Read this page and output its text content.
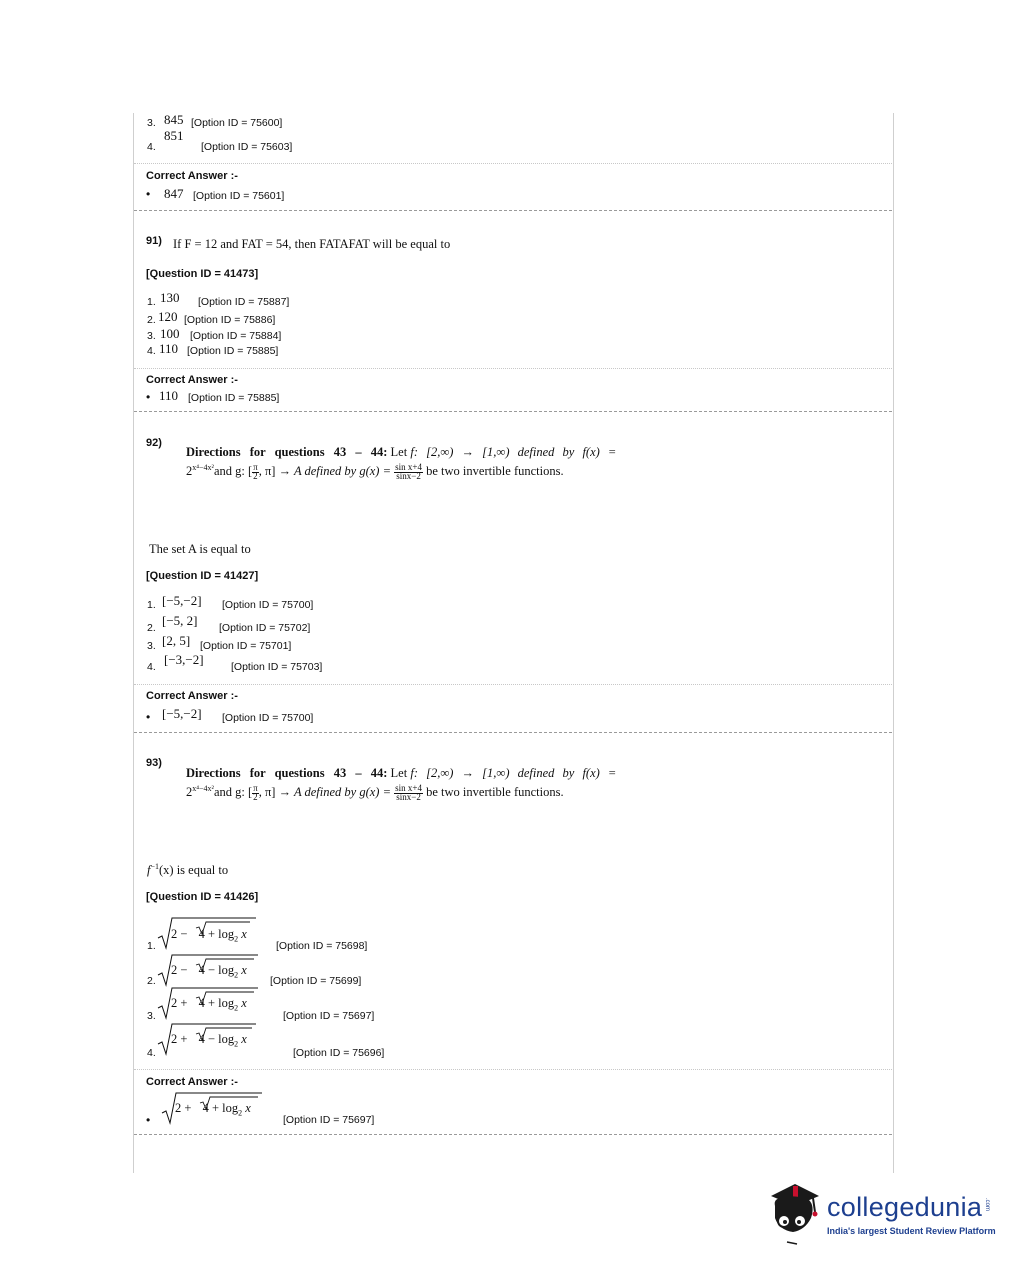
3. 845 [Option ID = 75600]
851
4.	[Option ID = 75603]
Correct Answer :-
• 847 [Option ID = 75601]
91) If F = 12 and FAT = 54, then FATAFAT will be equal to
[Question ID = 41473]
1. 130 [Option ID = 75887]
2. 120 [Option ID = 75886]
3. 100 [Option ID = 75884]
4. 110 [Option ID = 75885]
Correct Answer :-
• 110 [Option ID = 75885]
92)
Directions for questions 43 – 44: Let f: [2,∞) → [1,∞) defined by f(x) =
$2^{x^4-4x^2}and$ g: [π
2, π] → A defined by g(x) = sin x+4
sinx−2 be two invertible functions.
The set A is equal to
[Question ID = 41427]
1. [−5,−2] [Option ID = 75700]
2. [−5, 2] [Option ID = 75702]
3. [2, 5] [Option ID = 75701]
4. [−3,−2]	[Option ID = 75703]
Correct Answer :-
• [−5,−2] [Option ID = 75700]
93)
Directions for questions 43 – 44: Let f: [2,∞) → [1,∞) defined by f(x) =
$2^{x^4-4x^2}and$ g: [π
2, π] → A defined by g(x) = sin x+4
sinx−2 be two invertible functions.
$f^{-1}(x)$ is equal to
[Question ID = 41426]
1.
$2 - 4 + \log_2 x$
[Option ID = 75698]
2.
$2 - 4 - \log_2 x$
[Option ID = 75699]
3.
$2 + 4 + \log_2 x$
[Option ID = 75697]
4.
$2 + 4 - \log_2 x$
[Option ID = 75696]
Correct Answer :-
•
$2 + 4 + \log_2 x$
[Option ID = 75697]
collegedunia .com
India's largest Student Review Platform
